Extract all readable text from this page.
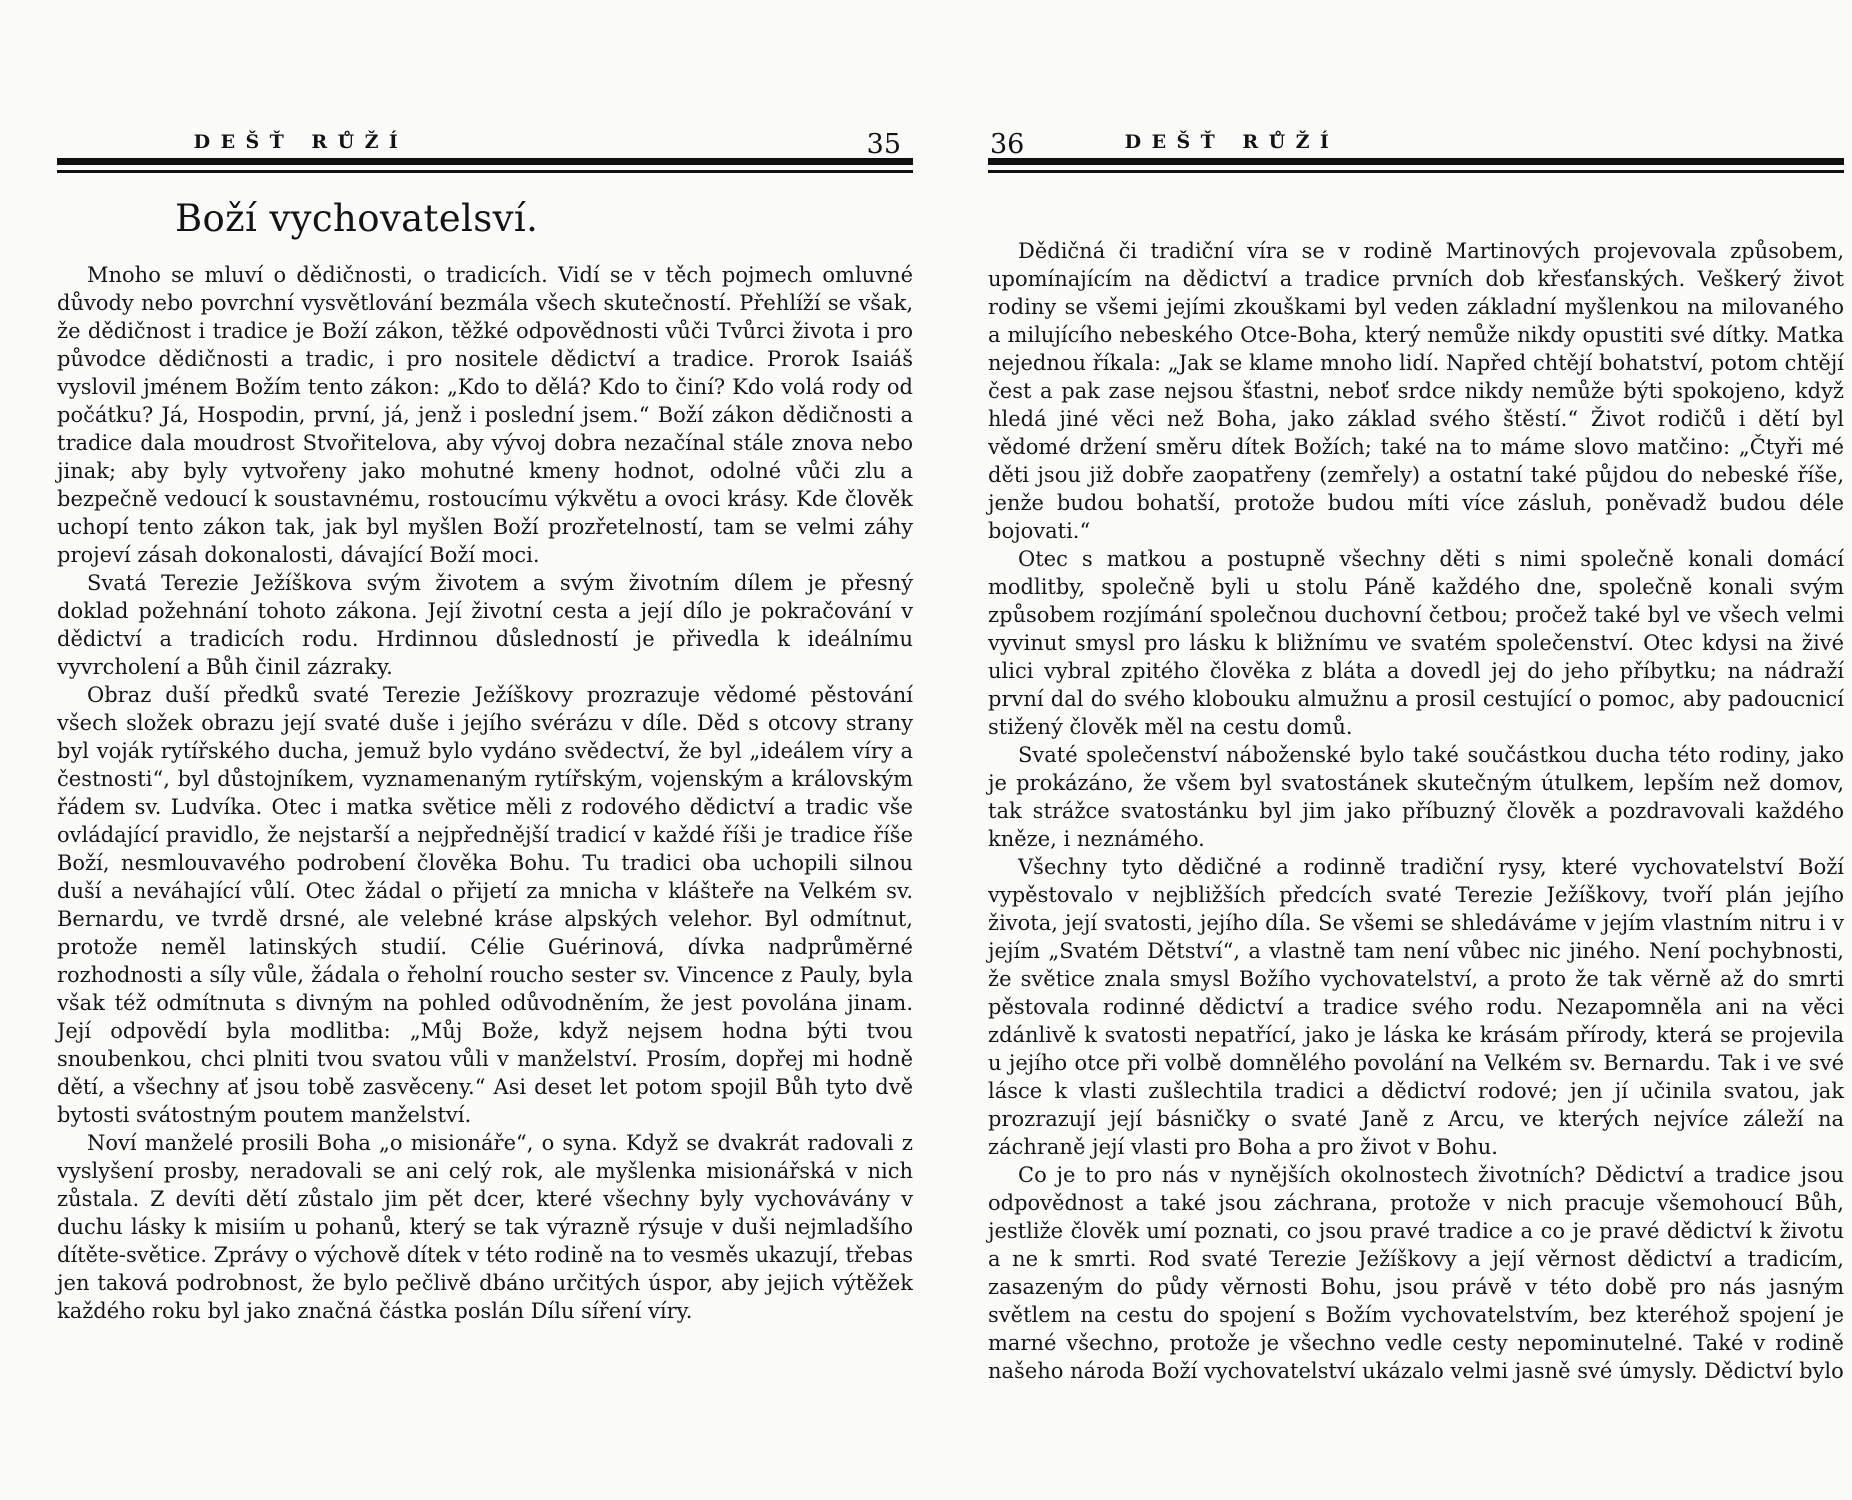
DEŠŤ RŮŽÍ	35
Boží vychovatelsví.

Mnoho se mluví o dědičnosti, o tradicích. Vidí se v těch pojmech omluvné důvody nebo povrchní vysvětlování bezmála všech skutečností. Přehlíží se však, že dědičnost i tradice je Boží zákon, těžké odpovědnosti vůči Tvůrci života i pro původce dědičnosti a tradic, i pro nositele dědictví a tradice. Prorok Isaiáš vyslovil jménem Božím tento zákon: „Kdo to dělá? Kdo to činí? Kdo volá rody od počátku? Já, Hospodin, první, já, jenž i poslední jsem.“ Boží zákon dědičnosti a tradice dala moudrost Stvořitelova, aby vývoj dobra nezačínal stále znova nebo jinak; aby byly vytvořeny jako mohutné kmeny hodnot, odolné vůči zlu a bezpečně vedoucí k soustavnému, rostoucímu výkvětu a ovoci krásy. Kde člověk uchopí tento zákon tak, jak byl myšlen Boží prozřetelností, tam se velmi záhy projeví zásah dokonalosti, dávající Boží moci.

Svatá Terezie Ježíškova svým životem a svým životním dílem je přesný doklad požehnání tohoto zákona. Její životní cesta a její dílo je pokračování v dědictví a tradicích rodu. Hrdinnou důsledností je přivedla k ideálnímu vyvrcholení a Bůh činil zázraky.

Obraz duší předků svaté Terezie Ježíškovy prozrazuje vědomé pěstování všech složek obrazu její svaté duše i jejího svérázu v díle. Děd s otcovy strany byl voják rytířského ducha, jemuž bylo vydáno svědectví, že byl „ideálem víry a čestnosti“, byl důstojníkem, vyznamenaným rytířským, vojenským a královským řádem sv. Ludvíka. Otec i matka světice měli z rodového dědictví a tradic vše ovládající pravidlo, že nejstarší a nejpřednější tradicí v každé říši je tradice říše Boží, nesmlouvavého podrobení člověka Bohu. Tu tradici oba uchopili silnou duší a neváhající vůlí. Otec žádal o přijetí za mnicha v klášteře na Velkém sv. Bernardu, ve tvrdě drsné, ale velebné kráse alpských velehor. Byl odmítnut, protože neměl latinských studií. Célie Guérinová, dívka nadprůměrné rozhodnosti a síly vůle, žádala o řeholní roucho sester sv. Vincence z Pauly, byla však též odmítnuta s divným na pohled odůvodněním, že jest povolána jinam. Její odpovědí byla modlitba: „Můj Bože, když nejsem hodna býti tvou snoubenkou, chci plniti tvou svatou vůli v manželství. Prosím, dopřej mi hodně dětí, a všechny ať jsou tobě zasvěceny.“ Asi deset let potom spojil Bůh tyto dvě bytosti svátostným poutem manželství.

Noví manželé prosili Boha „o misionáře“, o syna. Když se dvakrát radovali z vyslyšení prosby, neradovali se ani celý rok, ale myšlenka misionářská v nich zůstala. Z devíti dětí zůstalo jim pět dcer, které všechny byly vychovávány v duchu lásky k misiím u pohanů, který se tak výrazně rýsuje v duši nejmladšího dítěte-světice. Zprávy o výchově dítek v této rodině na to vesměs ukazují, třebas jen taková podrobnost, že bylo pečlivě dbáno určitých úspor, aby jejich výtěžek každého roku byl jako značná částka poslán Dílu síření víry.

36	DEŠŤ RŮŽÍ

Dědičná či tradiční víra se v rodině Martinových projevovala způsobem, upomínajícím na dědictví a tradice prvních dob křesťanských. Veškerý život rodiny se všemi jejími zkouškami byl veden základní myšlenkou na milovaného a milujícího nebeského Otce-Boha, který nemůže nikdy opustiti své dítky. Matka nejednou říkala: „Jak se klame mnoho lidí. Napřed chtějí bohatství, potom chtějí čest a pak zase nejsou šťastni, neboť srdce nikdy nemůže býti spokojeno, když hledá jiné věci než Boha, jako základ svého štěstí.“ Život rodičů i dětí byl vědomé držení směru dítek Božích; také na to máme slovo matčino: „Čtyři mé děti jsou již dobře zaopatřeny (zemřely) a ostatní také půjdou do nebeské říše, jenže budou bohatší, protože budou míti více zásluh, poněvadž budou déle bojovati.“

Otec s matkou a postupně všechny děti s nimi společně konali domácí modlitby, společně byli u stolu Páně každého dne, společně konali svým způsobem rozjímání společnou duchovní četbou; pročež také byl ve všech velmi vyvinut smysl pro lásku k bližnímu ve svatém společenství. Otec kdysi na živé ulici vybral zpitého člověka z bláta a dovedl jej do jeho příbytku; na nádraží první dal do svého klobouku almužnu a prosil cestující o pomoc, aby padoucnicí stižený člověk měl na cestu domů.

Svaté společenství náboženské bylo také součástkou ducha této rodiny, jako je prokázáno, že všem byl svatostánek skutečným útulkem, lepším než domov, tak strážce svatostánku byl jim jako příbuzný člověk a pozdravovali každého kněze, i neznámého.

Všechny tyto dědičné a rodinně tradiční rysy, které vychovatelství Boží vypěstovalo v nejbližších předcích svaté Terezie Ježíškovy, tvoří plán jejího života, její svatosti, jejího díla. Se všemi se shledáváme v jejím vlastním nitru i v jejím „Svatém Dětství“, a vlastně tam není vůbec nic jiného. Není pochybnosti, že světice znala smysl Božího vychovatelství, a proto že tak věrně až do smrti pěstovala rodinné dědictví a tradice svého rodu. Nezapomněla ani na věci zdánlivě k svatosti nepatřící, jako je láska ke krásám přírody, která se projevila u jejího otce při volbě domnělého povolání na Velkém sv. Bernardu. Tak i ve své lásce k vlasti zušlechtila tradici a dědictví rodové; jen jí učinila svatou, jak prozrazují její básničky o svaté Janě z Arcu, ve kterých nejvíce záleží na záchraně její vlasti pro Boha a pro život v Bohu.

Co je to pro nás v nynějších okolnostech životních? Dědictví a tradice jsou odpovědnost a také jsou záchrana, protože v nich pracuje všemohoucí Bůh, jestliže člověk umí poznati, co jsou pravé tradice a co je pravé dědictví k životu a ne k smrti. Rod svaté Terezie Ježíškovy a její věrnost dědictví a tradicím, zasazeným do půdy věrnosti Bohu, jsou právě v této době pro nás jasným světlem na cestu do spojení s Božím vychovatelstvím, bez kteréhož spojení je marné všechno, protože je všechno vedle cesty nepominutelné. Také v rodině našeho národa Boží vychovatelství ukázalo velmi jasně své úmysly. Dědictví bylo
